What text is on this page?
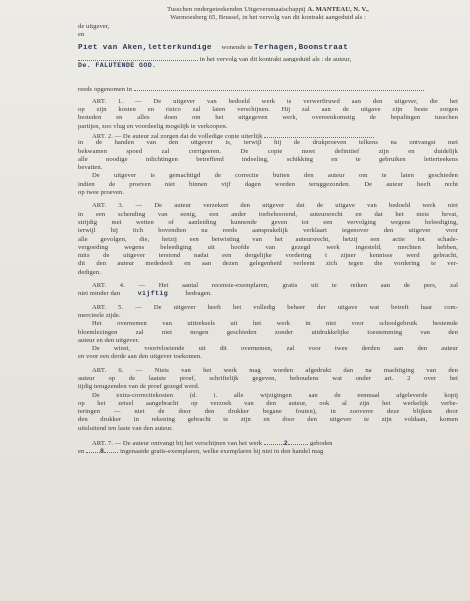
Tusschen ondergeteekenden Uitgeversmaatschappij A. MANTEAU, N. V.,
Warmoesberg 65, Brussel, in het vervolg van dit kontrakt aangeduid als :
de uitgever,
en
Piet van Aken,letterkundige wonende te Terhagen,Boomstraat
in het vervolg van dit kontrakt aangeduid als : de auteur,
De. FALUTENDE GOD.
reeds opgenomen in
ART. 1. — De uitgever van bedoeld werk is verwerftruwd aan den uitgever, die het
op zijn kosten en risico zal laten verschijnen. Hij zal aan de uitgave zijn beste zorgen
besteden en alles doen om het uitgegeven werk, overeenkomstig de bepalingen tusschen
partijen, zoo vlug en voordeelig mogelijk te verkoopen.
ART. 2. — De auteur zal zorgen dat de volledige copie uiterlijk
in de handen van den uitgever is, terwijl hij de drukproeven telkens na ontvangst met
bekwamen spoed zal corrigeeren. De copie moet definitief zijn en duidelijk
alle noodige inlichtingen betreffend indeeling, schikking en te gebruiken letterteekens
bevatten.
De uitgever is gemachtigd de correctie buiten den auteur om te laten geschieden
indien de proeven niet binnen vijf dagen worden teruggezonden. De auteur heeft recht
op twee proeven.
ART. 3. — De auteur verzekert den uitgever dat de uitgave van bedoeld werk niet
in een schending van eenig, een ander toebehoorend, auteursrecht en dat het niets bevat,
strijdig met wetten of aanleiding kunnende geven tot een vervolging wegens beleediging,
terwijl hij tich bovendien na reeds aansprakelijk verklaart tegenover den uitgever voor
alle gevolgen, die, hetzij een betwisting van het auteursrecht, hetzij een actie tot schade-
vergoeding wegens beleediging uit hoofde van gezegd werk ingesteld, mochten hebben,
mits de uitgever terstond nadat een dergelijke vordering t zijner kennisse werd gebracht,
dit den auteur mededeelt en aan dezen gelegenheid verleent zich tegen die vordering te ver-
dedigen.
ART. 4. — Het aantal recensie-exemplaren, gratis uit te reiken aan de pers, zal
niet minder dan	vijftig	bedragen.
ART. 5. — De uitgever heeft het volledig beheer der uitgave wat betreft haar com-
mercieele zijde.
Het overnemen van uittreksels uit het werk in niet voor schoolgebruik bestemde
bloemlezingen zal niet mogen geschieden zonder uitdrukkelijke toestemming van den
auteur en den uitgever.
De winst, voortvloeiende uit dit overnemen, zal voor twee derden aan den auteur
en voor een derde aan den uitgever toekomen.
ART. 6. — Niets van het werk mag worden afgedrukt dan na machtiging van den
auteur op de laatste proef, schriftelijk gegeven, behoudens wat onder art. 2 over het
tijdig terugzenden van de proef gezegd werd.
De extra-correctiekosten (d. i. alle wijzigingen aan de eenmaal afgeleverde kopij
op het zetsel aangebracht op verzoek van den auteur, ook al zijn het werkelijk verbe-
teringen — niet de door den drukker begane fouten), in zooverre deze blijken door
den drukker in rekening gebracht te zijn en door den uitgever te zijn voldaan, komen
uitsluitend ten laste van den auteur.
ART. 7. — De auteur ontvangt bij het verschijnen van het werk	2	geboden
en 8 ingenaaide gratis-exemplaren, welke exemplaren hij niet in den handel mag
